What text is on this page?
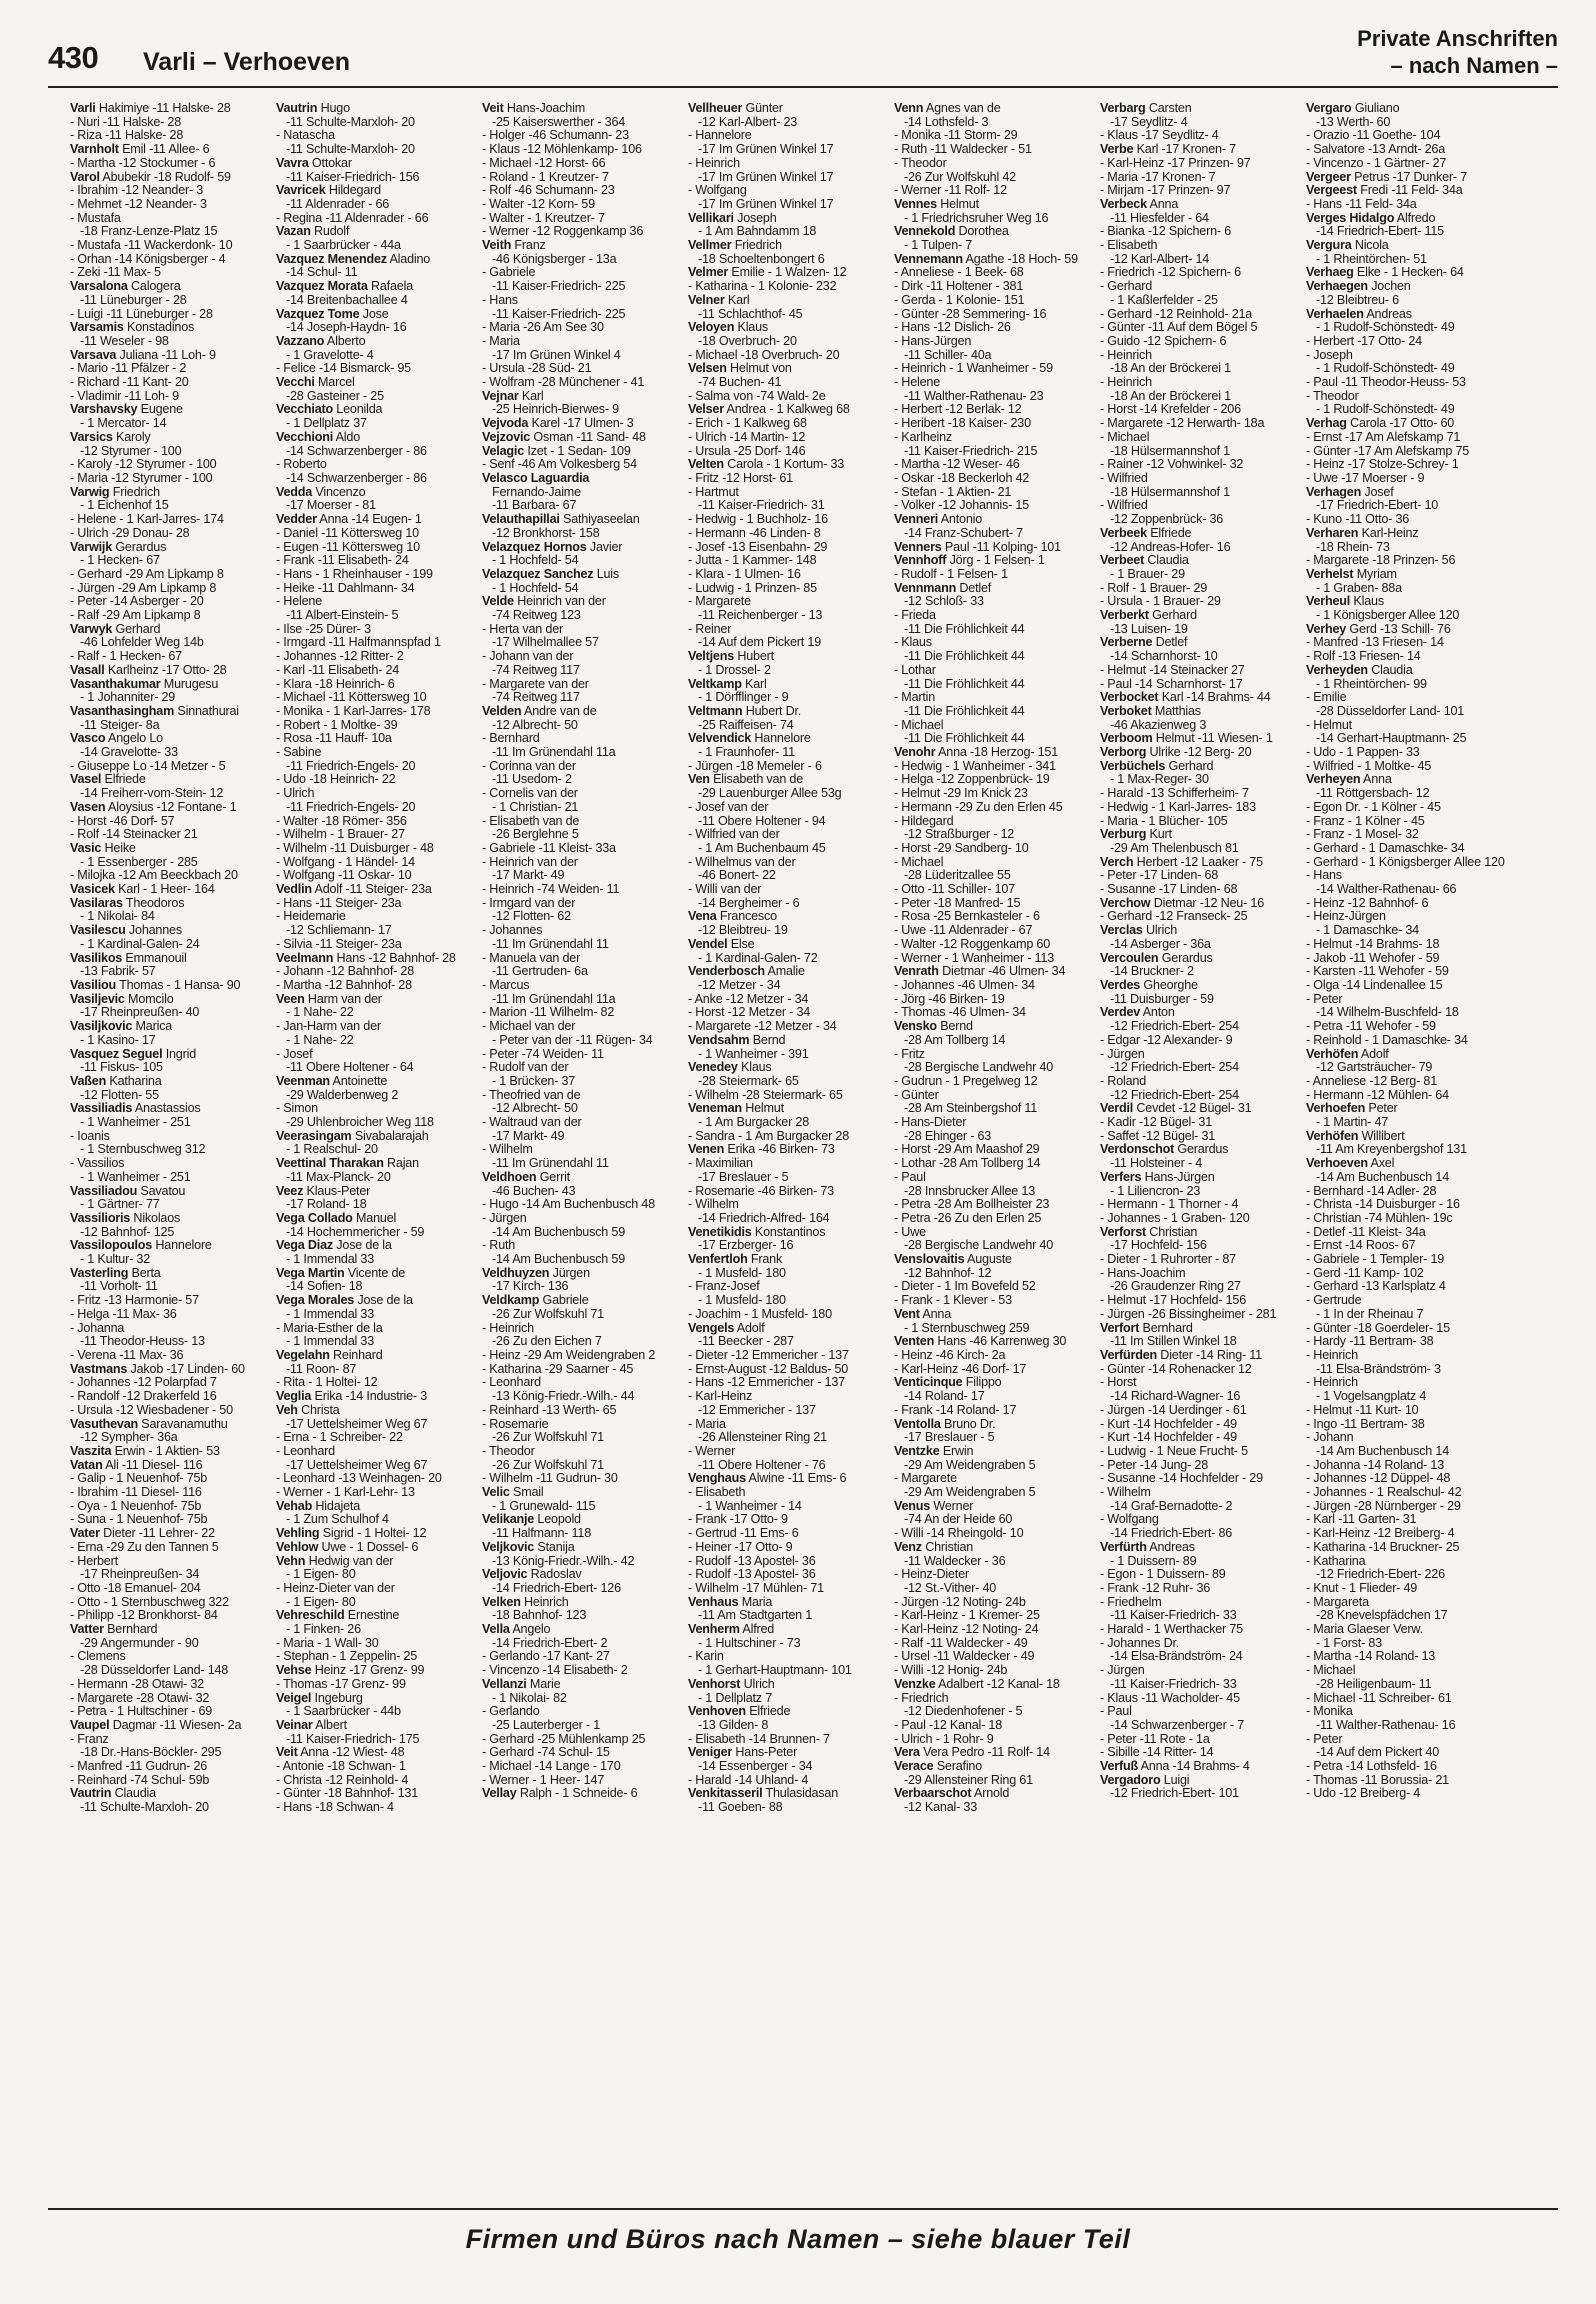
430 Varli – Verhoeven
Private Anschriften
– nach Namen –
Varli Hakimiye -11 Halske- 28
- Nuri -11 Halske- 28
- Riza -11 Halske- 28
Varnholt Emil -11 Allee- 6
- Martha -12 Stockumer - 6
Varol Abubekir -18 Rudolf- 59
- Ibrahim -12 Neander- 3
- Mehmet -12 Neander- 3
- Mustafa
-18 Franz-Lenze-Platz 15
- Mustafa -11 Wackerdonk- 10
- Orhan -14 Königsberger - 4
- Zeki -11 Max- 5
Varsalona Calogera
-11 Lüneburger - 28
- Luigi -11 Lüneburger - 28
Varsamis Konstadinos
-11 Weseler - 98
Varsava Juliana -11 Loh- 9
- Mario -11 Pfälzer - 2
- Richard -11 Kant- 20
- Vladimir -11 Loh- 9
Varshavsky Eugene
- 1 Mercator- 14
Varsics Karoly
-12 Styrumer - 100
- Karoly -12 Styrumer - 100
- Maria -12 Styrumer - 100
Varwig Friedrich
- 1 Eichenhof 15
- Helene - 1 Karl-Jarres- 174
- Ulrich -29 Donau- 28
Varwijk Gerardus
- 1 Hecken- 67
- Gerhard -29 Am Lipkamp 8
- Jürgen -29 Am Lipkamp 8
- Peter -14 Asberger - 20
- Ralf -29 Am Lipkamp 8
Varwyk Gerhard
-46 Lohfelder Weg 14b
- Ralf - 1 Hecken- 67
Vasall Karlheinz -17 Otto- 28
Vasanthakumar Murugesu
- 1 Johanniter- 29
Vasanthasingham Sinnathurai
-11 Steiger- 8a
Vasco Angelo Lo
-14 Gravelotte- 33
- Giuseppe Lo -14 Metzer - 5
Vasel Elfriede
-14 Freiherr-vom-Stein- 12
Vasen Aloysius -12 Fontane- 1
- Horst -46 Dorf- 57
- Rolf -14 Steinacker 21
Vasic Heike
- 1 Essenberger - 285
- Milojka -12 Am Beeckbach 20
Vasicek Karl - 1 Heer- 164
Vasilaras Theodoros
- 1 Nikolai- 84
Vasilescu Johannes
- 1 Kardinal-Galen- 24
Vasilikos Emmanouil
-13 Fabrik- 57
Vasiliou Thomas - 1 Hansa- 90
Vasiljevic Momcilo
-17 Rheinpreußen- 40
Vasiljkovic Marica
- 1 Kasino- 17
Vasquez Seguel Ingrid
-11 Fiskus- 105
Vaßen Katharina
-12 Flotten- 55
Vassiliadis Anastassios
- 1 Wanheimer - 251
- Ioanis
- 1 Sternbuschweg 312
- Vassilios
- 1 Wanheimer - 251
Vassiliadou Savatou
- 1 Gärtner- 77
Vassilioris Nikolaos
-12 Bahnhof- 125
Vassilopoulos Hannelore
- 1 Kultur- 32
Vasterling Berta
-11 Vorholt- 11
- Fritz -13 Harmonie- 57
- Helga -11 Max- 36
- Johanna
-11 Theodor-Heuss- 13
- Verena -11 Max- 36
Vastmans Jakob -17 Linden- 60
- Johannes -12 Polarpfad 7
- Randolf -12 Drakerfeld 16
- Ursula -12 Wiesbadener - 50
Vasuthevan Saravanamuthu
-12 Sympher- 36a
Vaszita Erwin - 1 Aktien- 53
Vatan Ali -11 Diesel- 116
- Galip - 1 Neuenhof- 75b
- Ibrahim -11 Diesel- 116
- Oya - 1 Neuenhof- 75b
- Suna - 1 Neuenhof- 75b
Vater Dieter -11 Lehrer- 22
- Erna -29 Zu den Tannen 5
- Herbert
-17 Rheinpreußen- 34
- Otto -18 Emanuel- 204
- Otto - 1 Sternbuschweg 322
- Philipp -12 Bronkhorst- 84
Vatter Bernhard
-29 Angermunder - 90
- Clemens
-28 Düsseldorfer Land- 148
- Hermann -28 Otawi- 32
- Margarete -28 Otawi- 32
- Petra - 1 Hultschiner - 69
Vaupel Dagmar -11 Wiesen- 2a
- Franz
-18 Dr.-Hans-Böckler- 295
- Manfred -11 Gudrun- 26
- Reinhard -74 Schul- 59b
Vautrin Claudia
-11 Schulte-Marxloh- 20
Vautrin Hugo
-11 Schulte-Marxloh- 20
- Natascha
-11 Schulte-Marxloh- 20
Vavra Ottokar
-11 Kaiser-Friedrich- 156
Vavricek Hildegard
-11 Aldenrader - 66
- Regina -11 Aldenrader - 66
Vazan Rudolf
- 1 Saarbrücker - 44a
Vazquez Menendez Aladino
-14 Schul- 11
Vazquez Morata Rafaela
-14 Breitenbachallee 4
Vazquez Tome Jose
-14 Joseph-Haydn- 16
Vazzano Alberto
- 1 Gravelotte- 4
- Felice -14 Bismarck- 95
Vecchi Marcel
-28 Gasteiner - 25
Vecchiato Leonilda
- 1 Dellplatz 37
Vecchioni Aldo
-14 Schwarzenberger - 86
- Roberto
-14 Schwarzenberger - 86
Vedda Vincenzo
-17 Moerser - 81
Vedder Anna -14 Eugen- 1
- Daniel -11 Köttersweg 10
- Eugen -11 Köttersweg 10
- Frank -11 Elisabeth- 24
- Hans - 1 Rheinhauser - 199
- Heike -11 Dahlmann- 34
- Helene
-11 Albert-Einstein- 5
- Ilse -25 Dürer- 3
- Irmgard -11 Halfmannspfad 1
- Johannes -12 Ritter- 2
- Karl -11 Elisabeth- 24
- Klara -18 Heinrich- 6
- Michael -11 Köttersweg 10
- Monika - 1 Karl-Jarres- 178
- Robert - 1 Moltke- 39
- Rosa -11 Hauff- 10a
- Sabine
-11 Friedrich-Engels- 20
- Udo -18 Heinrich- 22
- Ulrich
-11 Friedrich-Engels- 20
- Walter -18 Römer- 356
- Wilhelm - 1 Brauer- 27
- Wilhelm -11 Duisburger - 48
- Wolfgang - 1 Händel- 14
- Wolfgang -11 Oskar- 10
Vedlin Adolf -11 Steiger- 23a
- Hans -11 Steiger- 23a
- Heidemarie
-12 Schliemann- 17
- Silvia -11 Steiger- 23a
Veelmann Hans -12 Bahnhof- 28
- Johann -12 Bahnhof- 28
- Martha -12 Bahnhof- 28
Veen Harm van der
- 1 Nahe- 22
- Jan-Harm van der
- 1 Nahe- 22
- Josef
-11 Obere Holtener - 64
Veenman Antoinette
-29 Walderbenweg 2
- Simon
-29 Uhlenbroicher Weg 118
Veerasingam Sivabalarajah
- 1 Realschul- 20
Veettinal Tharakan Rajan
-11 Max-Planck- 20
Veez Klaus-Peter
-17 Roland- 18
Vega Collado Manuel
-14 Hochemmericher - 59
Vega Diaz Jose de la
- 1 Immendal 33
Vega Martin Vicente de
-14 Sofien- 18
Vega Morales Jose de la
- 1 Immendal 33
- Maria-Esther de la
- 1 Immendal 33
Vegelahn Reinhard
-11 Roon- 87
- Rita - 1 Holtei- 12
Veglia Erika -14 Industrie- 3
Veh Christa
-17 Uettelsheimer Weg 67
- Erna - 1 Schreiber- 22
- Leonhard
-17 Uettelsheimer Weg 67
- Leonhard -13 Weinhagen- 20
- Werner - 1 Karl-Lehr- 13
Vehab Hidajeta
- 1 Zum Schulhof 4
Vehling Sigrid - 1 Holtei- 12
Vehlow Uwe - 1 Dossel- 6
Vehn Hedwig van der
- 1 Eigen- 80
- Heinz-Dieter van der
- 1 Eigen- 80
Vehreschild Ernestine
- 1 Finken- 26
- Maria - 1 Wall- 30
- Stephan - 1 Zeppelin- 25
Vehse Heinz -17 Grenz- 99
- Thomas -17 Grenz- 99
Veigel Ingeburg
- 1 Saarbrücker - 44b
Veinar Albert
-11 Kaiser-Friedrich- 175
Veit Anna -12 Wiest- 48
- Antonie -18 Schwan- 1
- Christa -12 Reinhold- 4
- Günter -18 Bahnhof- 131
- Hans -18 Schwan- 4
Veit Hans-Joachim
-25 Kaiserswerther - 364
- Holger -46 Schumann- 23
- Klaus -12 Möhlenkamp- 106
- Michael -12 Horst- 66
- Roland - 1 Kreutzer- 7
- Rolf -46 Schumann- 23
- Walter -12 Korn- 59
- Walter - 1 Kreutzer- 7
- Werner -12 Roggenkamp 36
Veith Franz
-46 Königsberger - 13a
- Gabriele
-11 Kaiser-Friedrich- 225
- Hans
-11 Kaiser-Friedrich- 225
- Maria -26 Am See 30
- Maria
-17 Im Grünen Winkel 4
- Ursula -28 Süd- 21
- Wolfram -28 Münchener - 41
Vejnar Karl
-25 Heinrich-Bierwes- 9
Vejvoda Karel -17 Ulmen- 3
Vejzovic Osman -11 Sand- 48
Velagic Izet - 1 Sedan- 109
- Senf -46 Am Volkesberg 54
Velasco Laguardia
Fernando-Jaime
-11 Barbara- 67
Velauthapillai Sathiyaseelan
-12 Bronkhorst- 158
Velazquez Hornos Javier
- 1 Hochfeld- 54
Velazquez Sanchez Luis
- 1 Hochfeld- 54
Velde Heinrich van der
-74 Reitweg 123
- Herta van der
-17 Wilhelmallee 57
- Johann van der
-74 Reitweg 117
- Margarete van der
-74 Reitweg 117
Velden Andre van de
-12 Albrecht- 50
- Bernhard
-11 Im Grünendahl 11a
- Corinna van der
-11 Usedom- 2
- Cornelis van der
- 1 Christian- 21
- Elisabeth van de
-26 Berglehne 5
- Gabriele -11 Kleist- 33a
- Heinrich van der
-17 Markt- 49
- Heinrich -74 Weiden- 11
- Irmgard van der
-12 Flotten- 62
- Johannes
-11 Im Grünendahl 11
- Manuela van der
-11 Gertruden- 6a
- Marcus
-11 Im Grünendahl 11a
- Marion -11 Wilhelm- 82
- Michael van der
- Peter van der -11 Rügen- 34
- Peter -74 Weiden- 11
- Rudolf van der
- 1 Brücken- 37
- Theofried van de
-12 Albrecht- 50
- Waltraud van der
-17 Markt- 49
- Wilhelm
-11 Im Grünendahl 11
Veldhoen Gerrit
-46 Buchen- 43
- Hugo -14 Am Buchenbusch 48
- Jürgen
-14 Am Buchenbusch 59
- Ruth
-14 Am Buchenbusch 59
Veldhuyzen Jürgen
-17 Kirch- 136
Veldkamp Gabriele
-26 Zur Wolfskuhl 71
- Heinrich
-26 Zu den Eichen 7
- Heinz -29 Am Weidengraben 2
- Katharina -29 Saarner - 45
- Leonhard
-13 König-Friedr.-Wilh.- 44
- Reinhard -13 Werth- 65
- Rosemarie
-26 Zur Wolfskuhl 71
- Theodor
-26 Zur Wolfskuhl 71
- Wilhelm -11 Gudrun- 30
Velic Smail
- 1 Grunewald- 115
Velikanje Leopold
-11 Halfmann- 118
Veljkovic Stanija
-13 König-Friedr.-Wilh.- 42
Veljovic Radoslav
-14 Friedrich-Ebert- 126
Velken Heinrich
-18 Bahnhof- 123
Vella Angelo
-14 Friedrich-Ebert- 2
- Gerlando -17 Kant- 27
- Vincenzo -14 Elisabeth- 2
Vellanzi Marie
- 1 Nikolai- 82
- Gerlando
-25 Lauterberger - 1
- Gerhard -25 Mühlenkamp 25
- Gerhard -74 Schul- 15
- Michael -14 Lange - 170
- Werner - 1 Heer- 147
Vellay Ralph - 1 Schneide- 6
Vellheuer Günter
-12 Karl-Albert- 23
- Hannelore
-17 Im Grünen Winkel 17
- Heinrich
-17 Im Grünen Winkel 17
- Wolfgang
-17 Im Grünen Winkel 17
Vellikari Joseph
- 1 Am Bahndamm 18
Vellmer Friedrich
-18 Schoeltenbongert 6
Velmer Emilie - 1 Walzen- 12
- Katharina - 1 Kolonie- 232
Velner Karl
-11 Schlachthof- 45
Veloyen Klaus
-18 Overbruch- 20
- Michael -18 Overbruch- 20
Velsen Helmut von
-74 Buchen- 41
- Salma von -74 Wald- 2e
Velser Andrea - 1 Kalkweg 68
- Erich - 1 Kalkweg 68
- Ulrich -14 Martin- 12
- Ursula -25 Dorf- 146
Velten Carola - 1 Kortum- 33
- Fritz -12 Horst- 61
- Hartmut
-11 Kaiser-Friedrich- 31
- Hedwig - 1 Buchholz- 16
- Hermann -46 Linden- 8
- Josef -13 Eisenbahn- 29
- Jutta - 1 Kammer- 148
- Klara - 1 Ulmen- 16
- Ludwig - 1 Prinzen- 85
- Margarete
-11 Reichenberger - 13
- Reiner
-14 Auf dem Pickert 19
Veltjens Hubert
- 1 Drossel- 2
Veltkamp Karl
- 1 Dörfflinger - 9
Veltmann Hubert Dr.
-25 Raiffeisen- 74
Velvendick Hannelore
- 1 Fraunhofer- 11
- Jürgen -18 Memeler - 6
Ven Elisabeth van de
-29 Lauenburger Allee 53g
- Josef van der
-11 Obere Holtener - 94
- Wilfried van der
- 1 Am Buchenbaum 45
- Wilhelmus van der
-46 Bonert- 22
- Willi van der
-14 Bergheimer - 6
Vena Francesco
-12 Bleibtreu- 19
Vendel Else
- 1 Kardinal-Galen- 72
Venderbosch Amalie
-12 Metzer - 34
- Anke -12 Metzer - 34
- Horst -12 Metzer - 34
- Margarete -12 Metzer - 34
Vendsahm Bernd
- 1 Wanheimer - 391
Venedey Klaus
-28 Steiermark- 65
- Wilhelm -28 Steiermark- 65
Veneman Helmut
- 1 Am Burgacker 28
- Sandra - 1 Am Burgacker 28
Venen Erika -46 Birken- 73
- Maximilian
-17 Breslauer - 5
- Rosemarie -46 Birken- 73
- Wilhelm
-14 Friedrich-Alfred- 164
Venetikidis Konstantinos
-17 Erzberger- 16
Venfertloh Frank
- 1 Musfeld- 180
- Franz-Josef
- 1 Musfeld- 180
- Joachim - 1 Musfeld- 180
Vengels Adolf
-11 Beecker - 287
- Dieter -12 Emmericher - 137
- Ernst-August -12 Baldus- 50
- Hans -12 Emmericher - 137
- Karl-Heinz
-12 Emmericher - 137
- Maria
-26 Allensteiner Ring 21
- Werner
-11 Obere Holtener - 76
Venghaus Alwine -11 Ems- 6
- Elisabeth
- 1 Wanheimer - 14
- Frank -17 Otto- 9
- Gertrud -11 Ems- 6
- Heiner -17 Otto- 9
- Rudolf -13 Apostel- 36
- Rudolf -13 Apostel- 36
- Wilhelm -17 Mühlen- 71
Venhaus Maria
-11 Am Stadtgarten 1
Venherm Alfred
- 1 Hultschiner - 73
- Karin
- 1 Gerhart-Hauptmann- 101
Venhorst Ulrich
- 1 Dellplatz 7
Venhoven Elfriede
-13 Gilden- 8
- Elisabeth -14 Brunnen- 7
Veniger Hans-Peter
-14 Essenberger - 34
- Harald -14 Uhland- 4
Venkitasseril Thulasidasan
-11 Goeben- 88
Venn Agnes van de
-14 Lothsfeld- 3
- Monika -11 Storm- 29
- Ruth -11 Waldecker - 51
- Theodor
-26 Zur Wolfskuhl 42
- Werner -11 Rolf- 12
Vennes Helmut
- 1 Friedrichsruher Weg 16
Vennekold Dorothea
- 1 Tulpen- 7
Vennemann Agathe -18 Hoch- 59
- Anneliese - 1 Beek- 68
- Dirk -11 Holtener - 381
- Gerda - 1 Kolonie- 151
- Günter -28 Semmering- 16
- Hans -12 Dislich- 26
- Hans-Jürgen
-11 Schiller- 40a
- Heinrich - 1 Wanheimer - 59
- Helene
-11 Walther-Rathenau- 23
- Herbert -12 Berlak- 12
- Heribert -18 Kaiser- 230
- Karlheinz
-11 Kaiser-Friedrich- 215
- Martha -12 Weser- 46
- Oskar -18 Beckerloh 42
- Stefan - 1 Aktien- 21
- Volker -12 Johannis- 15
Venneri Antonio
-14 Franz-Schubert- 7
Venners Paul -11 Kolping- 101
Vennhoff Jörg - 1 Felsen- 1
- Rudolf - 1 Felsen- 1
Vennmann Detlef
-12 Schloß- 33
- Frieda
-11 Die Fröhlichkeit 44
- Klaus
-11 Die Fröhlichkeit 44
- Lothar
-11 Die Fröhlichkeit 44
- Martin
-11 Die Fröhlichkeit 44
- Michael
-11 Die Fröhlichkeit 44
Venohr Anna -18 Herzog- 151
- Hedwig - 1 Wanheimer - 341
- Helga -12 Zoppenbrück- 19
- Helmut -29 Im Knick 23
- Hermann -29 Zu den Erlen 45
- Hildegard
-12 Straßburger - 12
- Horst -29 Sandberg- 10
- Michael
-28 Lüderitzallee 55
- Otto -11 Schiller- 107
- Peter -18 Manfred- 15
- Rosa -25 Bernkasteler - 6
- Uwe -11 Aldenrader - 67
- Walter -12 Roggenkamp 60
- Werner - 1 Wanheimer - 113
Venrath Dietmar -46 Ulmen- 34
- Johannes -46 Ulmen- 34
- Jörg -46 Birken- 19
- Thomas -46 Ulmen- 34
Vensko Bernd
-28 Am Tollberg 14
- Fritz
-28 Bergische Landwehr 40
- Gudrun - 1 Pregelweg 12
- Günter
-28 Am Steinbergshof 11
- Hans-Dieter
-28 Ehinger - 63
- Horst -29 Am Maashof 29
- Lothar -28 Am Tollberg 14
- Paul
-28 Innsbrucker Allee 13
- Petra -28 Am Bollheister 23
- Petra -26 Zu den Erlen 25
- Uwe
-28 Bergische Landwehr 40
Venslovaitis Auguste
-12 Bahnhof- 12
- Dieter - 1 Im Bovefeld 52
- Frank - 1 Klever - 53
Vent Anna
- 1 Sternbuschweg 259
Venten Hans -46 Karrenweg 30
- Heinz -46 Kirch- 2a
- Karl-Heinz -46 Dorf- 17
Venticinque Filippo
-14 Roland- 17
- Frank -14 Roland- 17
Ventolla Bruno Dr.
-17 Breslauer - 5
Ventzke Erwin
-29 Am Weidengraben 5
- Margarete
-29 Am Weidengraben 5
Venus Werner
-74 An der Heide 60
- Willi -14 Rheingold- 10
Venz Christian
-11 Waldecker - 36
- Heinz-Dieter
-12 St.-Vither- 40
- Jürgen -12 Noting- 24b
- Karl-Heinz - 1 Kremer- 25
- Karl-Heinz -12 Noting- 24
- Ralf -11 Waldecker - 49
- Ursel -11 Waldecker - 49
- Willi -12 Honig- 24b
Venzke Adalbert -12 Kanal- 18
- Friedrich
-12 Diedenhofener - 5
- Paul -12 Kanal- 18
- Ulrich - 1 Rohr- 9
Vera Vera Pedro -11 Rolf- 14
Verace Serafino
-29 Allensteiner Ring 61
Verbaarschot Arnold
-12 Kanal- 33
Verbarg Carsten
-17 Seydlitz- 4
- Klaus -17 Seydlitz- 4
Verbe Karl -17 Kronen- 7
- Karl-Heinz -17 Prinzen- 97
- Maria -17 Kronen- 7
- Mirjam -17 Prinzen- 97
Verbeck Anna
-11 Hiesfelder - 64
- Bianka -12 Spichern- 6
- Elisabeth
-12 Karl-Albert- 14
- Friedrich -12 Spichern- 6
- Gerhard
- 1 Kaßlerfelder - 25
- Gerhard -12 Reinhold- 21a
- Günter -11 Auf dem Bögel 5
- Guido -12 Spichern- 6
- Heinrich
-18 An der Bröckerei 1
- Heinrich
-18 An der Bröckerei 1
- Horst -14 Krefelder - 206
- Margarete -12 Herwarth- 18a
- Michael
-18 Hülsermannshof 1
- Rainer -12 Vohwinkel- 32
- Wilfried
-18 Hülsermannshof 1
- Wilfried
-12 Zoppenbrück- 36
Verbeek Elfriede
-12 Andreas-Hofer- 16
Verbeet Claudia
- 1 Brauer- 29
- Rolf - 1 Brauer- 29
- Ursula - 1 Brauer- 29
Verberkt Gerhard
-13 Luisen- 19
Verberne Detlef
-14 Scharnhorst- 10
- Helmut -14 Steinacker 27
- Paul -14 Scharnhorst- 17
Verbocket Karl -14 Brahms- 44
Verboket Matthias
-46 Akazienweg 3
Verboom Helmut -11 Wiesen- 1
Verborg Ulrike -12 Berg- 20
Verbüchels Gerhard
- 1 Max-Reger- 30
- Harald -13 Schifferheim- 7
- Hedwig - 1 Karl-Jarres- 183
- Maria - 1 Blücher- 105
Verburg Kurt
-29 Am Thelenbusch 81
Verch Herbert -12 Laaker - 75
- Peter -17 Linden- 68
- Susanne -17 Linden- 68
Verchow Dietmar -12 Neu- 16
- Gerhard -12 Franseck- 25
Verclas Ulrich
-14 Asberger - 36a
Vercoulen Gerardus
-14 Bruckner- 2
Verdes Gheorghe
-11 Duisburger - 59
Verdev Anton
-12 Friedrich-Ebert- 254
- Edgar -12 Alexander- 9
- Jürgen
-12 Friedrich-Ebert- 254
- Roland
-12 Friedrich-Ebert- 254
Verdil Cevdet -12 Bügel- 31
- Kadir -12 Bügel- 31
- Saffet -12 Bügel- 31
Verdonschot Gerardus
-11 Holsteiner - 4
Verfers Hans-Jürgen
- 1 Liliencron- 23
- Hermann - 1 Thorner - 4
- Johannes - 1 Graben- 120
Verforst Christian
-17 Hochfeld- 156
- Dieter - 1 Ruhrorter - 87
- Hans-Joachim
-26 Graudenzer Ring 27
- Helmut -17 Hochfeld- 156
- Jürgen -26 Bissingheimer - 281
Verfort Bernhard
-11 Im Stillen Winkel 18
Verfürden Dieter -14 Ring- 11
- Günter -14 Rohenacker 12
- Horst
-14 Richard-Wagner- 16
- Jürgen -14 Uerdinger - 61
- Kurt -14 Hochfelder - 49
- Kurt -14 Hochfelder - 49
- Ludwig - 1 Neue Frucht- 5
- Peter -14 Jung- 28
- Susanne -14 Hochfelder - 29
- Wilhelm
-14 Graf-Bernadotte- 2
- Wolfgang
-14 Friedrich-Ebert- 86
Verfürth Andreas
- 1 Duissern- 89
- Egon - 1 Duissern- 89
- Frank -12 Ruhr- 36
- Friedhelm
-11 Kaiser-Friedrich- 33
- Harald - 1 Werthacker 75
- Johannes Dr.
-14 Elsa-Brändström- 24
- Jürgen
-11 Kaiser-Friedrich- 33
- Klaus -11 Wacholder- 45
- Paul
-14 Schwarzenberger - 7
- Peter -11 Rote - 1a
- Sibille -14 Ritter- 14
Verfuß Anna -14 Brahms- 4
Vergadoro Luigi
-12 Friedrich-Ebert- 101
Vergaro Giuliano
-13 Werth- 60
- Orazio -11 Goethe- 104
- Salvatore -13 Arndt- 26a
- Vincenzo - 1 Gärtner- 27
Vergeer Petrus -17 Dunker- 7
Vergeest Fredi -11 Feld- 34a
- Hans -11 Feld- 34a
Verges Hidalgo Alfredo
-14 Friedrich-Ebert- 115
Vergura Nicola
- 1 Rheintörchen- 51
Verhaeg Elke - 1 Hecken- 64
Verhaegen Jochen
-12 Bleibtreu- 6
Verhaelen Andreas
- 1 Rudolf-Schönstedt- 49
- Herbert -17 Otto- 24
- Joseph
- 1 Rudolf-Schönstedt- 49
- Paul -11 Theodor-Heuss- 53
- Theodor
- 1 Rudolf-Schönstedt- 49
Verhag Carola -17 Otto- 60
- Ernst -17 Am Alefskamp 71
- Günter -17 Am Alefskamp 75
- Heinz -17 Stolze-Schrey- 1
- Uwe -17 Moerser - 9
Verhagen Josef
-17 Friedrich-Ebert- 10
- Kuno -11 Otto- 36
Verharen Karl-Heinz
-18 Rhein- 73
- Margarete -18 Prinzen- 56
Verhelst Myriam
- 1 Graben- 88a
Verheul Klaus
- 1 Königsberger Allee 120
Verhey Gerd -13 Schill- 76
- Manfred -13 Friesen- 14
- Rolf -13 Friesen- 14
Verheyden Claudia
- 1 Rheintörchen- 99
- Emilie
-28 Düsseldorfer Land- 101
- Helmut
-14 Gerhart-Hauptmann- 25
- Udo - 1 Pappen- 33
- Wilfried - 1 Moltke- 45
Verheyen Anna
-11 Röttgersbach- 12
- Egon Dr. - 1 Kölner - 45
- Franz - 1 Kölner - 45
- Franz - 1 Mosel- 32
- Gerhard - 1 Damaschke- 34
- Gerhard - 1 Königsberger Allee 120
- Hans
-14 Walther-Rathenau- 66
- Heinz -12 Bahnhof- 6
- Heinz-Jürgen
- 1 Damaschke- 34
- Helmut -14 Brahms- 18
- Jakob -11 Wehofer - 59
- Karsten -11 Wehofer - 59
- Olga -14 Lindenallee 15
- Peter
-14 Wilhelm-Buschfeld- 18
- Petra -11 Wehofer - 59
- Reinhold - 1 Damaschke- 34
Verhöfen Adolf
-12 Gartsträucher- 79
- Anneliese -12 Berg- 81
- Hermann -12 Mühlen- 64
Verhoefen Peter
- 1 Martin- 47
Verhöfen Willibert
-11 Am Kreyenbergshof 131
Verhoeven Axel
-14 Am Buchenbusch 14
- Bernhard -14 Adler- 28
- Christa -14 Duisburger - 16
- Christian -74 Mühlen- 19c
- Detlef -11 Kleist- 34a
- Ernst -14 Roos- 67
- Gabriele - 1 Templer- 19
- Gerd -11 Kamp- 102
- Gerhard -13 Karlsplatz 4
- Gertrude
- 1 In der Rheinau 7
- Günter -18 Goerdeler- 15
- Hardy -11 Bertram- 38
- Heinrich
-11 Elsa-Brändström- 3
- Heinrich
- 1 Vogelsangplatz 4
- Helmut -11 Kurt- 10
- Ingo -11 Bertram- 38
- Johann
-14 Am Buchenbusch 14
- Johanna -14 Roland- 13
- Johannes -12 Düppel- 48
- Johannes - 1 Realschul- 42
- Jürgen -28 Nürnberger - 29
- Karl -11 Garten- 31
- Karl-Heinz -12 Breiberg- 4
- Katharina -14 Bruckner- 25
- Katharina
-12 Friedrich-Ebert- 226
- Knut - 1 Flieder- 49
- Margareta
-28 Knevelspfädchen 17
- Maria Glaeser Verw.
- 1 Forst- 83
- Martha -14 Roland- 13
- Michael
-28 Heiligenbaum- 11
- Michael -11 Schreiber- 61
- Monika
-11 Walther-Rathenau- 16
- Peter
-14 Auf dem Pickert 40
- Petra -14 Lothsfeld- 16
- Thomas -11 Borussia- 21
- Udo -12 Breiberg- 4
Firmen und Büros nach Namen – siehe blauer Teil
